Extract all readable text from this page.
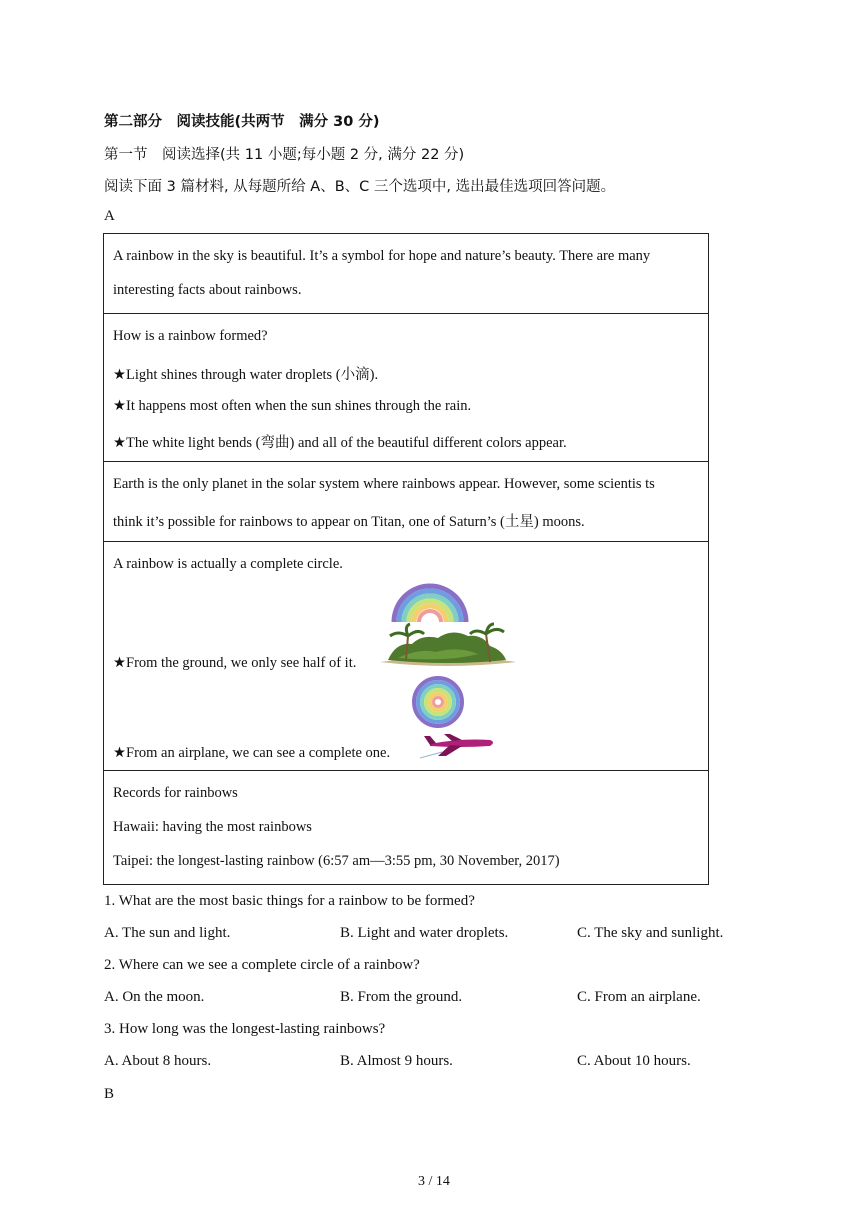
第二部分　阅读技能(共两节　满分 30 分)
第一节　阅读选择(共 11 小题;每小题 2 分, 满分 22 分)
阅读下面 3 篇材料, 从每题所给 A、B、C 三个选项中, 选出最佳选项回答问题。
A
A rainbow in the sky is beautiful. It’s a symbol for hope and nature’s beauty. There are many
interesting facts about rainbows.
How is a rainbow formed?
★Light shines through water droplets (小滴).
★It happens most often when the sun shines through the rain.
★The white light bends (弯曲) and all of the beautiful different colors appear.
Earth is the only planet in the solar system where rainbows appear. However, some scientis ts
think it’s possible for rainbows to appear on Titan, one of Saturn’s (土星) moons.
A rainbow is actually a complete circle.
★From the ground, we only see half of it.
★From an airplane, we can see a complete one.
Records for rainbows
Hawaii: having the most rainbows
Taipei: the longest-lasting rainbow (6:57 am—3:55 pm, 30 November, 2017)
1. What are the most basic things for a rainbow to be formed?
A. The sun and light.	B. Light and water droplets.	C. The sky and sunlight.
2. Where can we see a complete circle of a rainbow?
A. On the moon.	B. From the ground.	C. From an airplane.
3. How long was the longest-lasting rainbows?
A. About 8 hours.	B. Almost 9 hours.	C. About 10 hours.
B
3 / 14
